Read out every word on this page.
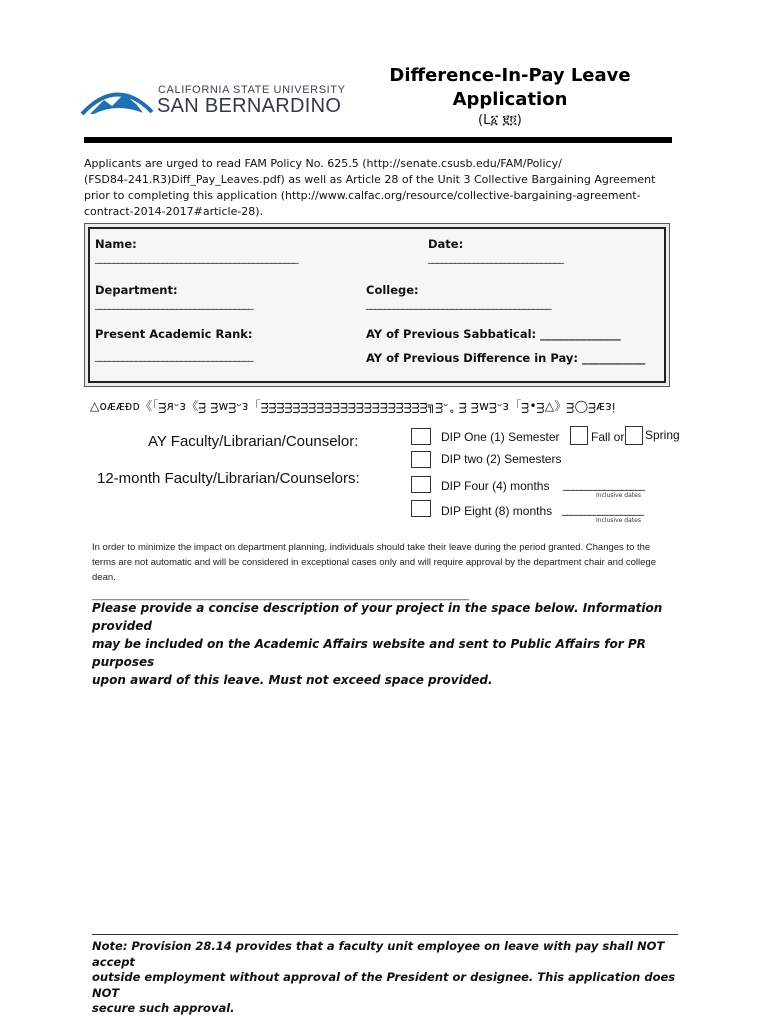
CALIFORNIA STATE UNIVERSITY
SAN BERNARDINO
Difference-In-Pay Leave
Application
(L፩ ፪፬)
Applicants are urged to read FAM Policy No. 625.5 (http://senate.csusb.edu/FAM/Policy/
(FSD84-241.R3)Diff_Pay_Leaves.pdf) as well as Article 28 of the Unit 3 Collective Bargaining Agreement
prior to completing this application (http://www.calfac.org/resource/collective-bargaining-agreement-
contract-2014-2017#article-28).
Name:
_____________________________________________
Date:
______________________________
Department:
___________________________________
College:
_________________________________________
Present Academic Rank:
___________________________________
AY of Previous Sabbatical: ______________
AY of Previous Difference in Pay: ___________
△ᴏᴁᴁᴆᴅ《「ᴟᴙᵕᴈ《ᴟ ᴟᴡᴟᵕᴈ「ᴟᴟᴟᴟᴟᴟᴟᴟᴟᴟᴟᴟᴟᴟᴟᴟᴟᴟᴟᴟᴟ╗ᴟᵕ˳ ᴟ ᴟᴡᴟᵕᴈ「ᴟ•ᴟ△》ᴟ◯ᴟᴁᴈᴉ
AY Faculty/Librarian/Counselor:
12-month Faculty/Librarian/Counselors:
DIP One (1) Semester	Fall or Spring
DIP two (2) Semesters
DIP Four (4) months __________________
Inclusive dates
DIP Eight (8) months __________________
Inclusive dates
In order to minimize the impact on department planning, individuals should take their leave during the period granted. Changes to the
terms are not automatic and will be considered in exceptional cases only and will require approval by the department chair and college
dean.
______________________________________________________________________________________________
Please provide a concise description of your project in the space below. Information provided
may be included on the Academic Affairs website and sent to Public Affairs for PR purposes
upon award of this leave. Must not exceed space provided.
Note: Provision 28.14 provides that a faculty unit employee on leave with pay shall NOT accept
outside employment without approval of the President or designee. This application does NOT
secure such approval.
